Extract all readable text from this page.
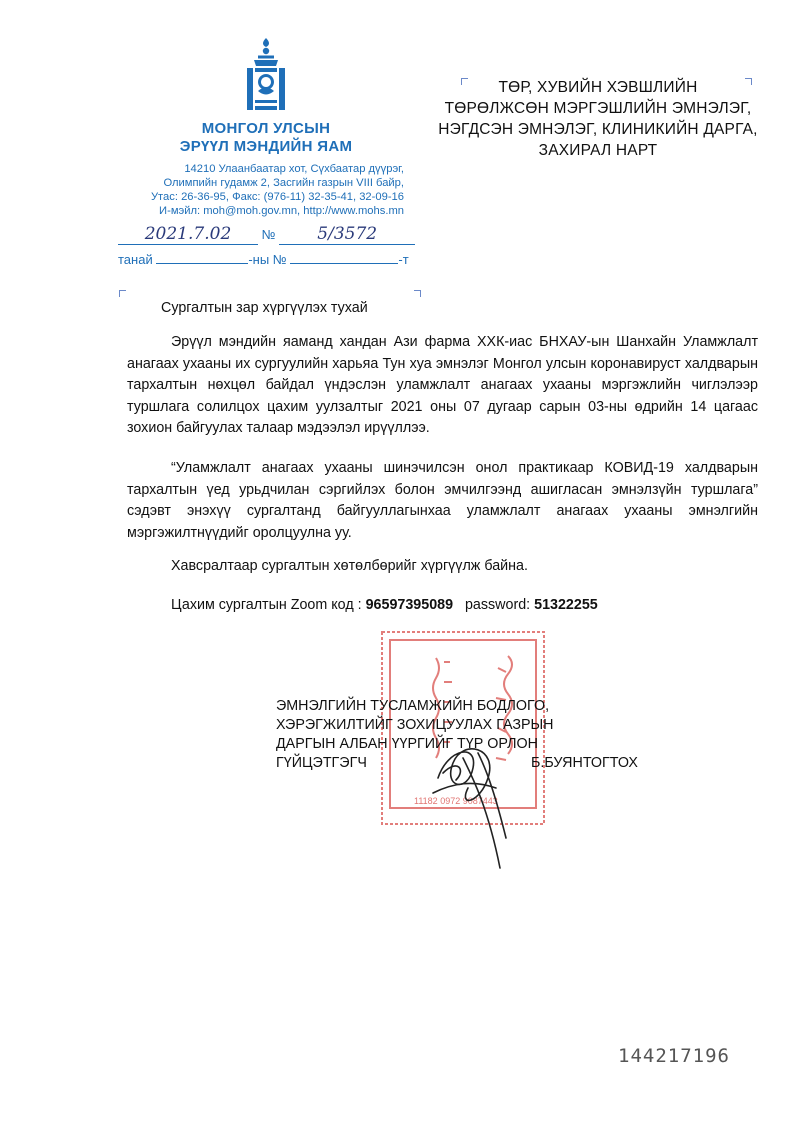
МОНГОЛ УЛСЫН
ЭРҮҮЛ МЭНДИЙН ЯАМ
14210 Улаанбаатар хот, Сүхбаатар дүүрэг,
Олимпийн гудамж 2, Засгийн газрын VIII байр,
Утас: 26-36-95, Факс: (976-11) 32-35-41, 32-09-16
И-мэйл: moh@moh.gov.mn, http://www.mohs.mn
2021.7.02 № 5/3572
танай	-ны №	-т
ТӨР, ХУВИЙН ХЭВШЛИЙН
ТӨРӨЛЖСӨН МЭРГЭШЛИЙН ЭМНЭЛЭГ,
НЭГДСЭН ЭМНЭЛЭГ, КЛИНИКИЙН ДАРГА,
ЗАХИРАЛ НАРТ
Сургалтын зар хүргүүлэх тухай
Эрүүл мэндийн яаманд хандан Ази фарма ХХК-иас БНХАУ-ын Шанхайн Уламжлалт анагаах ухааны их сургуулийн харьяа Тун хуа эмнэлэг Монгол улсын коронавируст халдварын тархалтын нөхцөл байдал үндэслэн уламжлалт анагаах ухааны мэргэжлийн чиглэлээр туршлага солилцох цахим уулзалтыг 2021 оны 07 дугаар сарын 03-ны өдрийн 14 цагаас зохион байгуулах талаар мэдээлэл ирүүллээ.
“Уламжлалт анагаах ухааны шинэчилсэн онол практикаар КОВИД-19 халдварын тархалтын үед урьдчилан сэргийлэх болон эмчилгээнд ашигласан эмнэлзүйн туршлага” сэдэвт энэхүү сургалтанд байгууллагынхаа уламжлалт анагаах ухааны эмнэлгийн мэргэжилтнүүдийг оролцуулна уу.
Хавсралтаар сургалтын хөтөлбөрийг хүргүүлж байна.
Цахим сургалтын Zoom код : 96597395089 password: 51322255
11182 0972 9087443
ЭМНЭЛГИЙН ТУСЛАМЖИЙН БОДЛОГО,
ХЭРЭГЖИЛТИЙГ ЗОХИЦУУЛАХ ГАЗРЫН
ДАРГЫН АЛБАН ҮҮРГИЙГ ТҮР ОРЛОН
ГҮЙЦЭТГЭГЧ	Б.БУЯНТОГТОХ
144217196
